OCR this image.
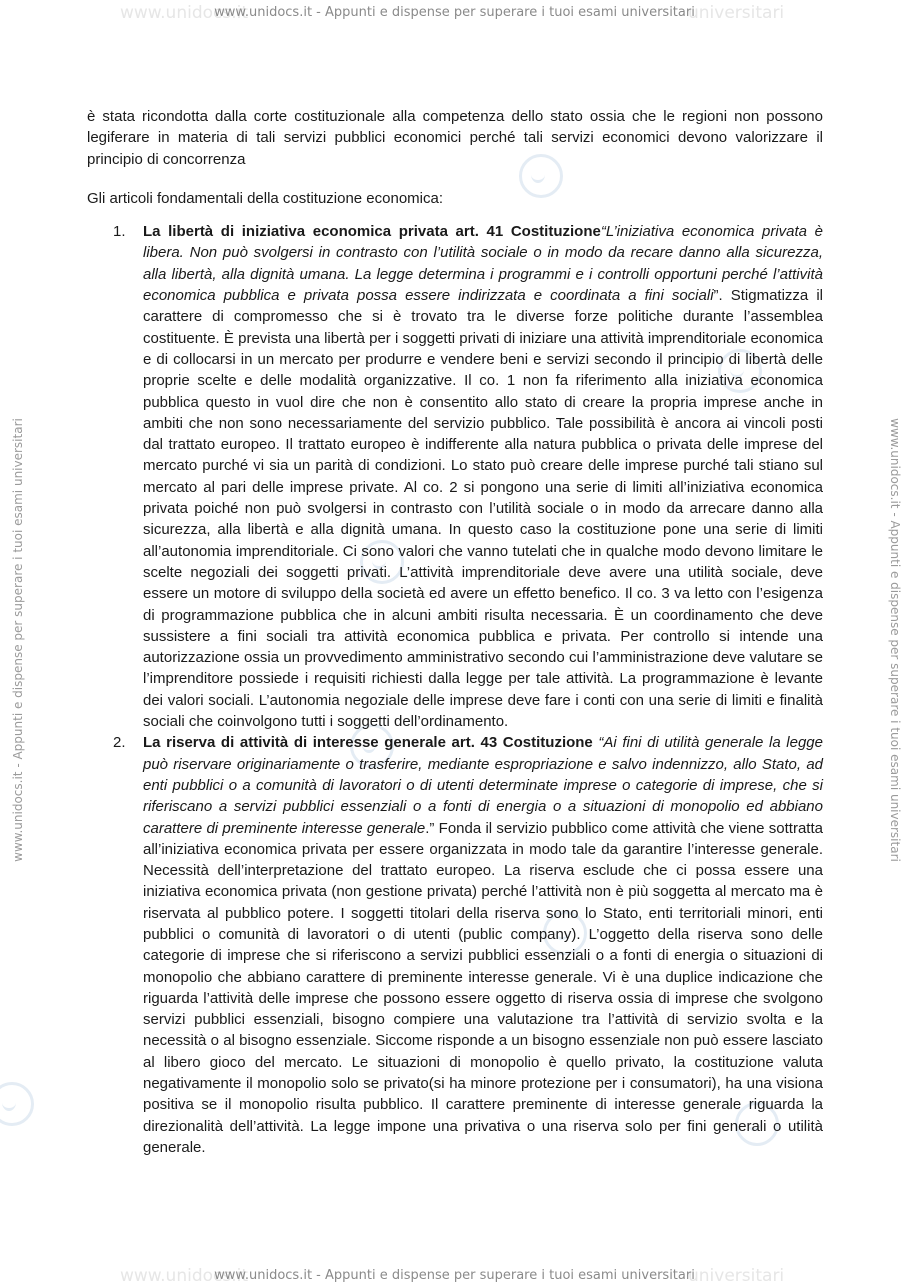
www.unidocs.it	universitari
www.unidocs.it	universitari
www.unidocs.it - Appunti e dispense per superare i tuoi esami universitari
www.unidocs.it - Appunti e dispense per superare i tuoi esami universitari
www.unidocs.it - Appunti e dispense per superare i tuoi esami universitari	www.unidocs.it - Appunti e dispense per superare i tuoi esami universitari

è stata ricondotta dalla corte costituzionale alla competenza dello stato ossia che le regioni non possono legiferare in materia di tali servizi pubblici economici perché tali servizi economici devono valorizzare il principio di concorrenza

Gli articoli fondamentali della costituzione economica:

1. La libertà di iniziativa economica privata art. 41 Costituzione“L’iniziativa economica privata è libera. Non può svolgersi in contrasto con l’utilità sociale o in modo da recare danno alla sicurezza, alla libertà, alla dignità umana. La legge determina i programmi e i controlli opportuni perché l’attività economica pubblica e privata possa essere indirizzata e coordinata a fini sociali”. Stigmatizza il carattere di compromesso che si è trovato tra le diverse forze politiche durante l’assemblea costituente. È prevista una libertà per i soggetti privati di iniziare una attività imprenditoriale economica e di collocarsi in un mercato per produrre e vendere beni e servizi secondo il principio di libertà delle proprie scelte e delle modalità organizzative. Il co. 1 non fa riferimento alla iniziativa economica pubblica questo in vuol dire che non è consentito allo stato di creare la propria imprese anche in ambiti che non sono necessariamente del servizio pubblico. Tale possibilità è ancora ai vincoli posti dal trattato europeo. Il trattato europeo è indifferente alla natura pubblica o privata delle imprese del mercato purché vi sia un parità di condizioni. Lo stato può creare delle imprese purché tali stiano sul mercato al pari delle imprese private. Al co. 2 si pongono una serie di limiti all’iniziativa economica privata poiché non può svolgersi in contrasto con l’utilità sociale o in modo da arrecare danno alla sicurezza, alla libertà e alla dignità umana. In questo caso la costituzione pone una serie di limiti all’autonomia imprenditoriale. Ci sono valori che vanno tutelati che in qualche modo devono limitare le scelte negoziali dei soggetti privati. L’attività imprenditoriale deve avere una utilità sociale, deve essere un motore di sviluppo della società ed avere un effetto benefico. Il co. 3 va letto con l’esigenza di programmazione pubblica che in alcuni ambiti risulta necessaria. È un coordinamento che deve sussistere a fini sociali tra attività economica pubblica e privata. Per controllo si intende una autorizzazione ossia un provvedimento amministrativo secondo cui l’amministrazione deve valutare se l’imprenditore possiede i requisiti richiesti dalla legge per tale attività. La programmazione è levante dei valori sociali. L’autonomia negoziale delle imprese deve fare i conti con una serie di limiti e finalità sociali che coinvolgono tutti i soggetti dell’ordinamento.
2. La riserva di attività di interesse generale art. 43 Costituzione “Ai fini di utilità generale la legge può riservare originariamente o trasferire, mediante espropriazione e salvo indennizzo, allo Stato, ad enti pubblici o a comunità di lavoratori o di utenti determinate imprese o categorie di imprese, che si riferiscano a servizi pubblici essenziali o a fonti di energia o a situazioni di monopolio ed abbiano carattere di preminente interesse generale.” Fonda il servizio pubblico come attività che viene sottratta all’iniziativa economica privata per essere organizzata in modo tale da garantire l’interesse generale. Necessità dell’interpretazione del trattato europeo. La riserva esclude che ci possa essere una iniziativa economica privata (non gestione privata) perché l’attività non è più soggetta al mercato ma è riservata al pubblico potere. I soggetti titolari della riserva sono lo Stato, enti territoriali minori, enti pubblici o comunità di lavoratori o di utenti (public company). L’oggetto della riserva sono delle categorie di imprese che si riferiscono a servizi pubblici essenziali o a fonti di energia o situazioni di monopolio che abbiano carattere di preminente interesse generale. Vi è una duplice indicazione che riguarda l’attività delle imprese che possono essere oggetto di riserva ossia di imprese che svolgono servizi pubblici essenziali, bisogno compiere una valutazione tra l’attività di servizio svolta e la necessità o al bisogno essenziale. Siccome risponde a un bisogno essenziale non può essere lasciato al libero gioco del mercato. Le situazioni di monopolio è quello privato, la costituzione valuta negativamente il monopolio solo se privato(si ha minore protezione per i consumatori), ha una visiona positiva se il monopolio risulta pubblico. Il carattere preminente di interesse generale riguarda la direzionalità dell’attività. La legge impone una privativa o una riserva solo per fini generali o utilità generale.
